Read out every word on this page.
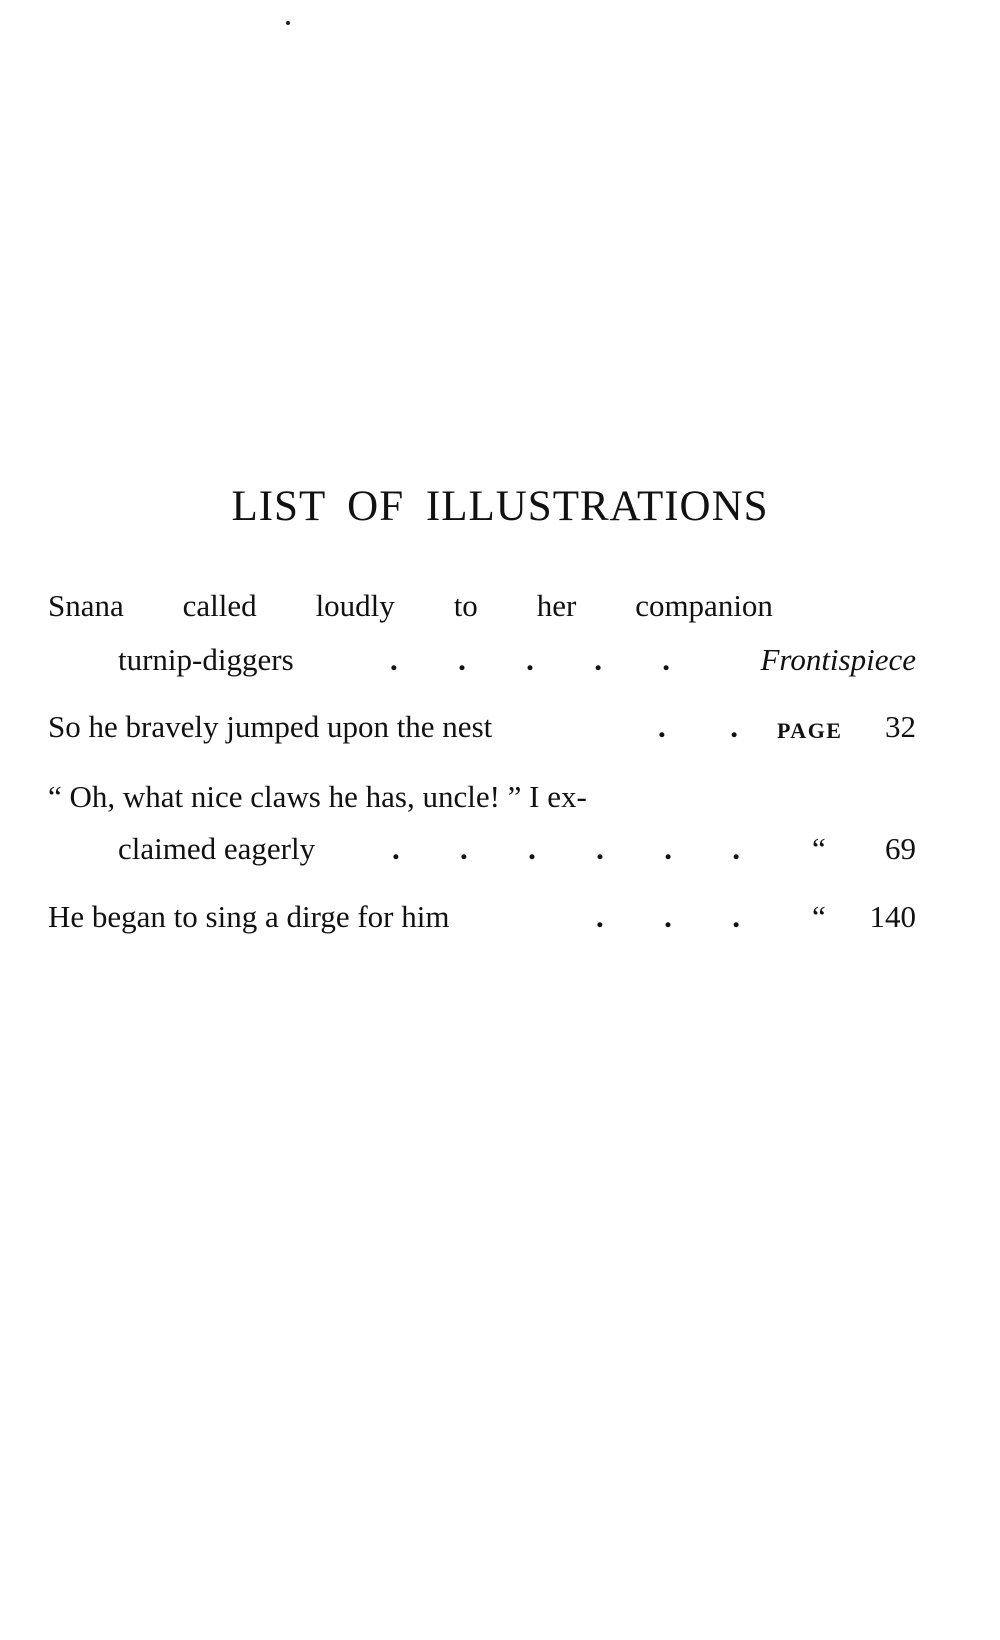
LIST OF ILLUSTRATIONS
Snana called loudly to her companion
turnip-diggers	. . . . .	Frontispiece
So he bravely jumped upon the nest	. . PAGE 32
“ Oh, what nice claws he has, uncle! ” I ex-
claimed eagerly . . . . . . “ 69
He began to sing a dirge for him	. . . “ 140
